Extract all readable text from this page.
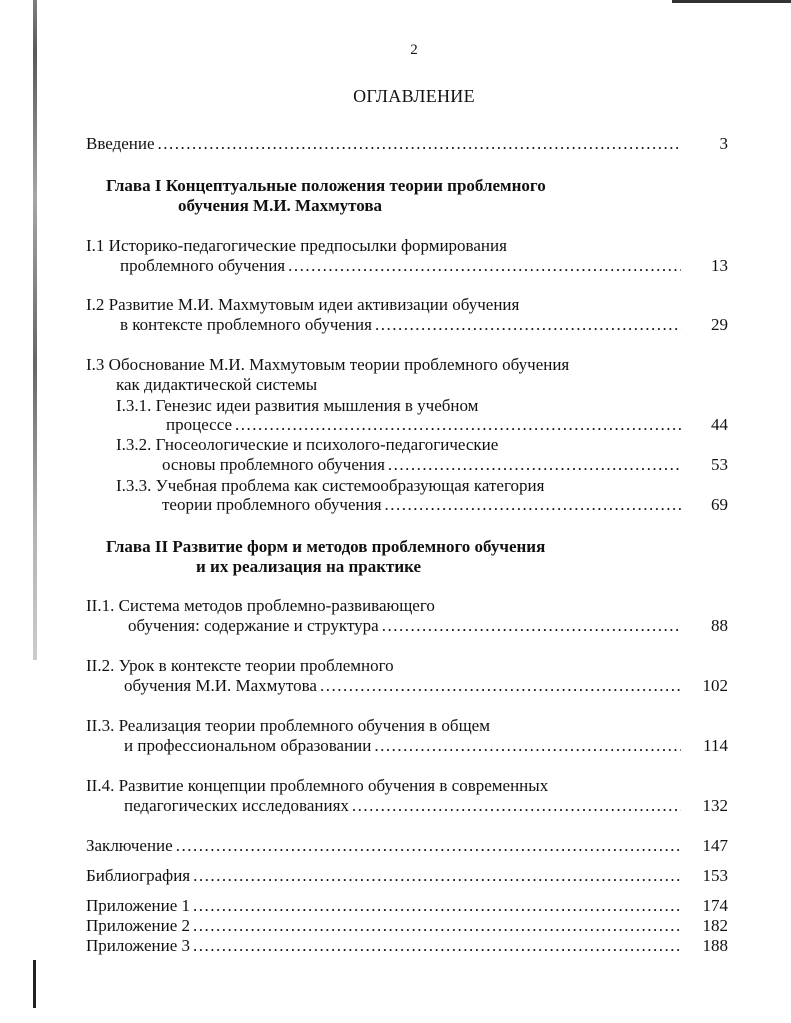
2
ОГЛАВЛЕНИЕ
Введение .....	3
Глава I Концептуальные положения теории проблемного
обучения М.И. Махмутова
I.1 Историко-педагогические предпосылки формирования
проблемного обучения .....	13
I.2 Развитие М.И. Махмутовым идеи активизации обучения
в контексте проблемного обучения .....	29
I.3 Обоснование М.И. Махмутовым теории проблемного обучения
как дидактической системы
I.3.1. Генезис идеи развития мышления в учебном
процессе .....	44
I.3.2. Гносеологические и психолого-педагогические
основы проблемного обучения .....	53
I.3.3. Учебная проблема как системообразующая категория
теории проблемного обучения .....	69
Глава II Развитие форм и методов проблемного обучения
и их реализация на практике
II.1. Система методов проблемно-развивающего
обучения: содержание и структура .....	88
II.2. Урок в контексте теории проблемного
обучения М.И. Махмутова .....	102
II.3. Реализация теории проблемного обучения в общем
и профессиональном образовании .....	114
II.4. Развитие концепции проблемного обучения в современных
педагогических исследованиях .....	132
Заключение .....	147
Библиография .....	153
Приложение 1 .....	174
Приложение 2 .....	182
Приложение 3 .....	188
